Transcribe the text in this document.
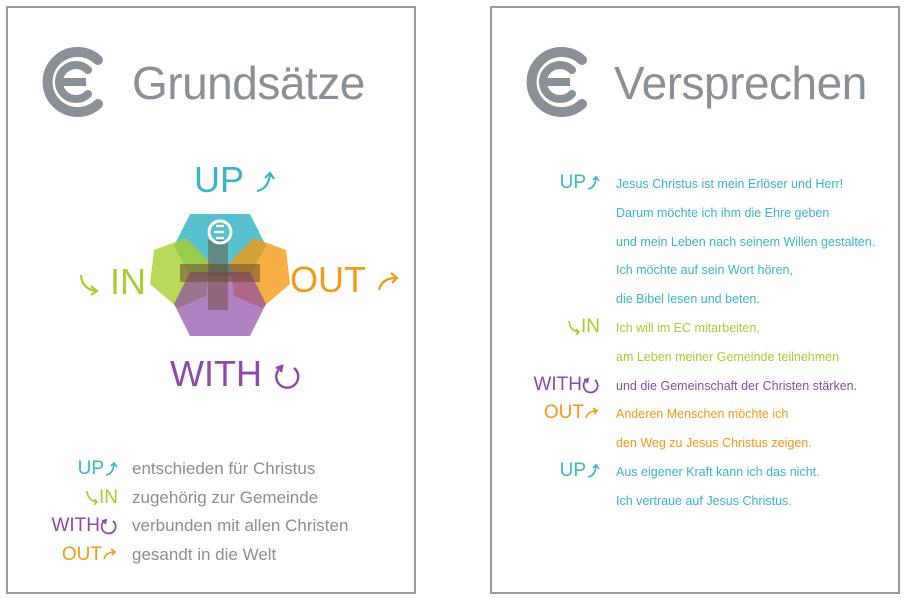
Grundsätze
UP
IN	OUT
WITH
UP	entschieden für Christus
IN zugehörig zur Gemeinde
WITH	verbunden mit allen Christen
OUT	gesandt in die Welt
Versprechen
UP	Jesus Christus ist mein Erlöser und Herr!
Darum möchte ich ihm die Ehre geben
und mein Leben nach seinem Willen gestalten.
Ich möchte auf sein Wort hören,
die Bibel lesen und beten.
IN Ich will im EC mitarbeiten,
am Leben meiner Gemeinde teilnehmen
WITH	und die Gemeinschaft der Christen stärken.
OUT	Anderen Menschen möchte ich
den Weg zu Jesus Christus zeigen.
UP	Aus eigener Kraft kann ich das nicht.
Ich vertraue auf Jesus Christus.
